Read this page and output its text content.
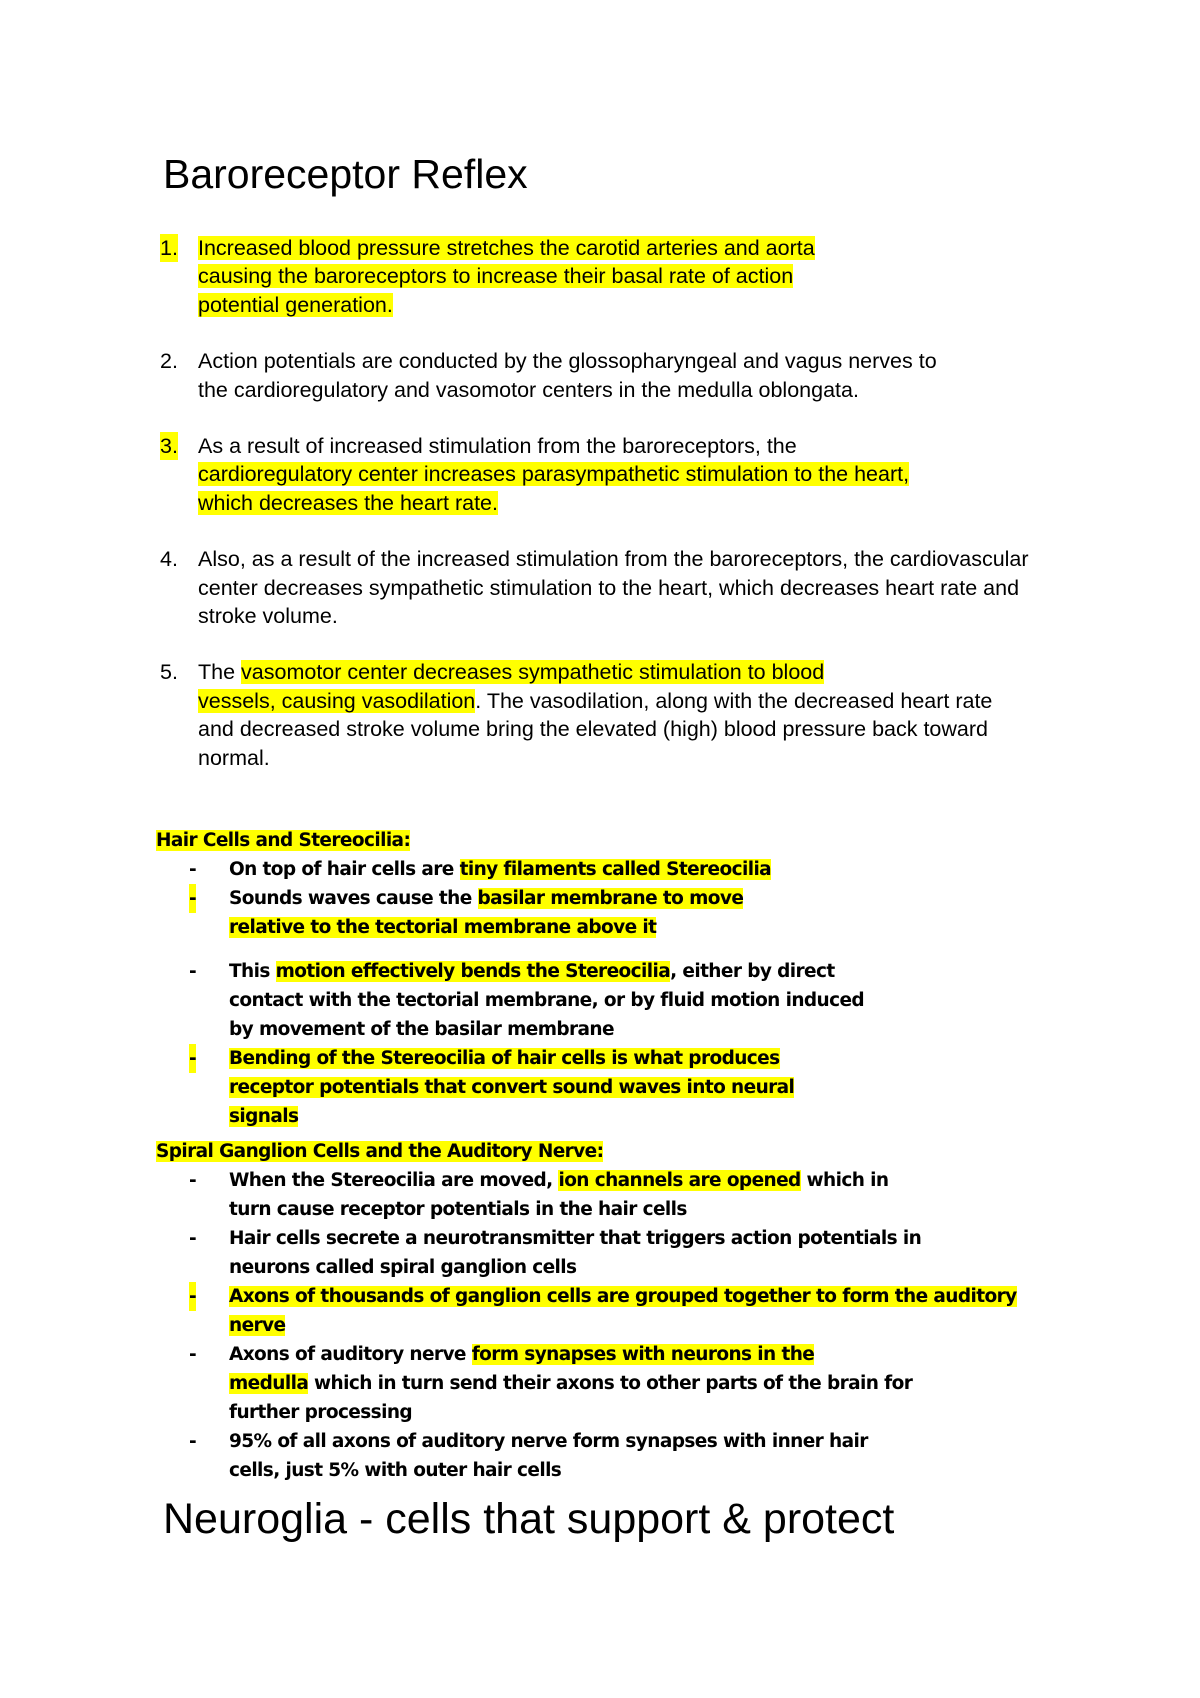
Baroreceptor Reflex
1. Increased blood pressure stretches the carotid arteries and aorta
causing the baroreceptors to increase their basal rate of action
potential generation.
2. Action potentials are conducted by the glossopharyngeal and vagus nerves to the cardioregulatory and vasomotor centers in the medulla oblongata.
3. As a result of increased stimulation from the baroreceptors, the
cardioregulatory center increases parasympathetic stimulation to the heart,
which decreases the heart rate.
4. Also, as a result of the increased stimulation from the baroreceptors, the cardiovascular center decreases sympathetic stimulation to the heart, which decreases heart rate and stroke volume.
5. The vasomotor center decreases sympathetic stimulation to blood
vessels, causing vasodilation. The vasodilation, along with the decreased heart rate and decreased stroke volume bring the elevated (high) blood pressure back toward normal.
Hair Cells and Stereocilia:
- On top of hair cells are tiny filaments called Stereocilia
- Sounds waves cause the basilar membrane to move
relative to the tectorial membrane above it
- This motion effectively bends the Stereocilia, either by direct contact with the tectorial membrane, or by fluid motion induced by movement of the basilar membrane
- Bending of the Stereocilia of hair cells is what produces
receptor potentials that convert sound waves into neural
signals
Spiral Ganglion Cells and the Auditory Nerve:
- When the Stereocilia are moved, ion channels are opened which in turn cause receptor potentials in the hair cells
- Hair cells secrete a neurotransmitter that triggers action potentials in neurons called spiral ganglion cells
- Axons of thousands of ganglion cells are grouped together to form the auditory
nerve
- Axons of auditory nerve form synapses with neurons in the
medulla which in turn send their axons to other parts of the brain for further processing
- 95% of all axons of auditory nerve form synapses with inner hair cells, just 5% with outer hair cells
Neuroglia - cells that support & protect
